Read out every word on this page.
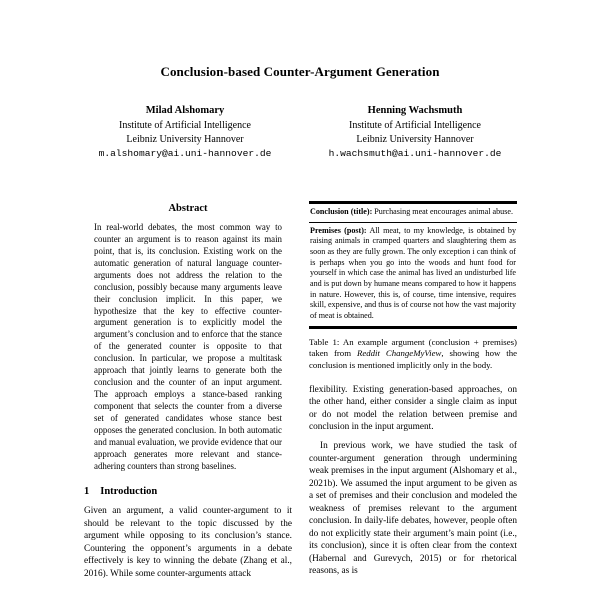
Conclusion-based Counter-Argument Generation
Milad Alshomary
Institute of Artificial Intelligence
Leibniz University Hannover
m.alshomary@ai.uni-hannover.de
Henning Wachsmuth
Institute of Artificial Intelligence
Leibniz University Hannover
h.wachsmuth@ai.uni-hannover.de
Abstract

In real-world debates, the most common way to counter an argument is to reason against its main point, that is, its conclusion. Existing work on the automatic generation of natural language counter-arguments does not address the relation to the conclusion, possibly because many arguments leave their conclusion implicit. In this paper, we hypothesize that the key to effective counter-argument generation is to explicitly model the argument’s conclusion and to enforce that the stance of the generated counter is opposite to that conclusion. In particular, we propose a multitask approach that jointly learns to generate both the conclusion and the counter of an input argument. The approach employs a stance-based ranking component that selects the counter from a diverse set of generated candidates whose stance best opposes the generated conclusion. In both automatic and manual evaluation, we provide evidence that our approach generates more relevant and stance-adhering counters than strong baselines.

1 Introduction

Given an argument, a valid counter-argument to it should be relevant to the topic discussed by the argument while opposing to its conclusion’s stance. Countering the opponent’s arguments in a debate effectively is key to winning the debate (Zhang et al., 2016). While some counter-arguments attack

Conclusion (title): Purchasing meat encourages animal abuse.

Premises (post): All meat, to my knowledge, is obtained by raising animals in cramped quarters and slaughtering them as soon as they are fully grown. The only exception i can think of is perhaps when you go into the woods and hunt food for yourself in which case the animal has lived an undisturbed life and is put down by humane means compared to how it happens in nature. However, this is, of course, time intensive, requires skill, expensive, and thus is of course not how the vast majority of meat is obtained.

Table 1: An example argument (conclusion + premises) taken from Reddit ChangeMyView, showing how the conclusion is mentioned implicitly only in the body.

flexibility. Existing generation-based approaches, on the other hand, either consider a single claim as input or do not model the relation between premise and conclusion in the input argument.

In previous work, we have studied the task of counter-argument generation through undermining weak premises in the input argument (Alshomary et al., 2021b). We assumed the input argument to be given as a set of premises and their conclusion and modeled the weakness of premises relevant to the argument conclusion. In daily-life debates, however, people often do not explicitly state their argument’s main point (i.e., its conclusion), since it is often clear from the context (Habernal and Gurevych, 2015) or for rhetorical reasons, as is
